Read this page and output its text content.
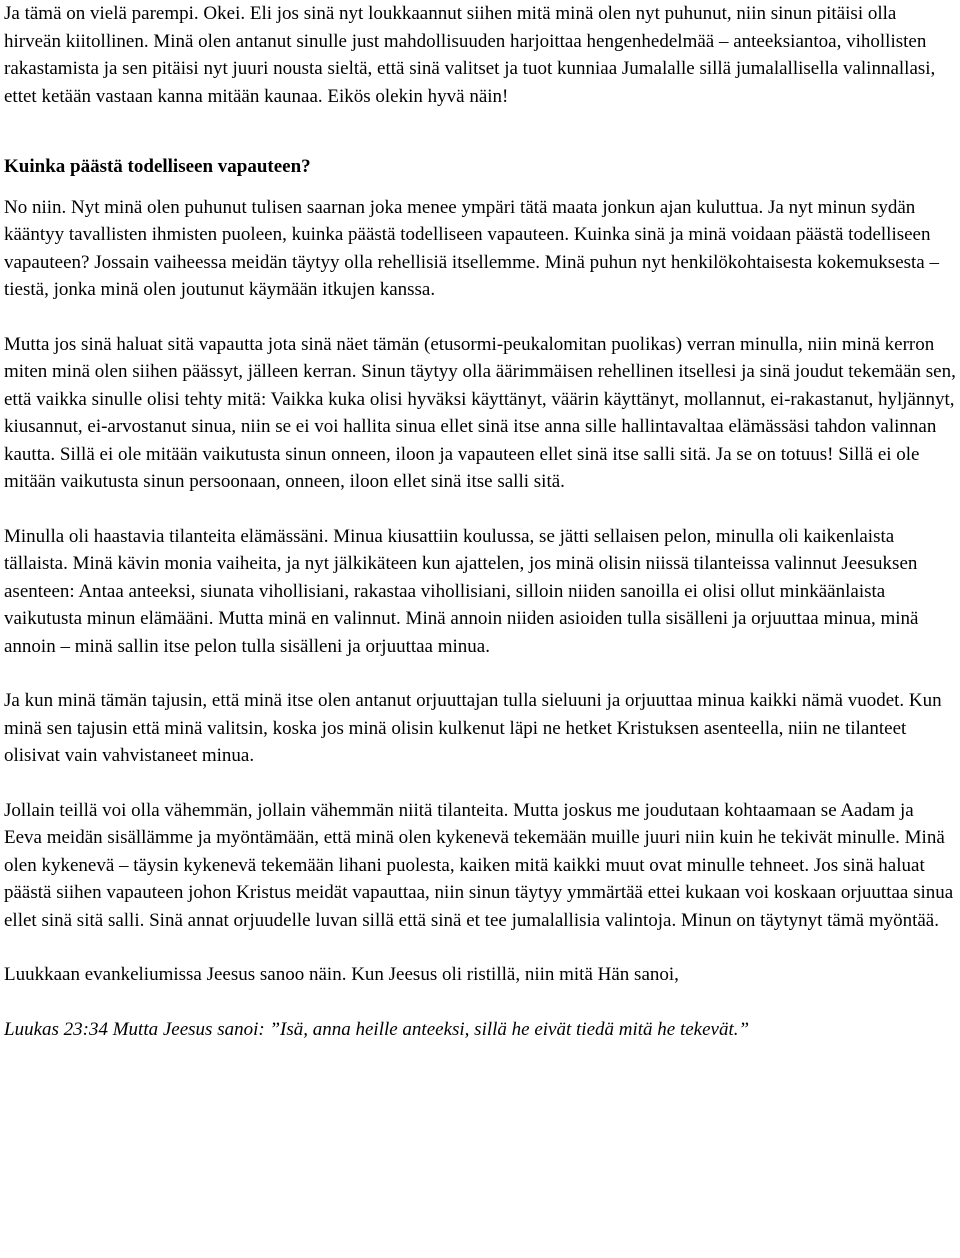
Ja tämä on vielä parempi. Okei. Eli jos sinä nyt loukkaannut siihen mitä minä olen nyt puhunut, niin sinun pitäisi olla hirveän kiitollinen. Minä olen antanut sinulle just mahdollisuuden harjoittaa hengenhedelmää – anteeksiantoa, vihollisten rakastamista ja sen pitäisi nyt juuri nousta sieltä, että sinä valitset ja tuot kunniaa Jumalalle sillä jumalallisella valinnallasi, ettet ketään vastaan kanna mitään kaunaa. Eikös olekin hyvä näin!

Kuinka päästä todelliseen vapauteen?

No niin. Nyt minä olen puhunut tulisen saarnan joka menee ympäri tätä maata jonkun ajan kuluttua. Ja nyt minun sydän kääntyy tavallisten ihmisten puoleen, kuinka päästä todelliseen vapauteen. Kuinka sinä ja minä voidaan päästä todelliseen vapauteen? Jossain vaiheessa meidän täytyy olla rehellisiä itsellemme. Minä puhun nyt henkilökohtaisesta kokemuksesta – tiestä, jonka minä olen joutunut käymään itkujen kanssa.

Mutta jos sinä haluat sitä vapautta jota sinä näet tämän (etusormi-peukalomitan puolikas) verran minulla, niin minä kerron miten minä olen siihen päässyt, jälleen kerran. Sinun täytyy olla äärimmäisen rehellinen itsellesi ja sinä joudut tekemään sen, että vaikka sinulle olisi tehty mitä: Vaikka kuka olisi hyväksi käyttänyt, väärin käyttänyt, mollannut, ei-rakastanut, hyljännyt, kiusannut, ei-arvostanut sinua, niin se ei voi hallita sinua ellet sinä itse anna sille hallintavaltaa elämässäsi tahdon valinnan kautta. Sillä ei ole mitään vaikutusta sinun onneen, iloon ja vapauteen ellet sinä itse salli sitä. Ja se on totuus! Sillä ei ole mitään vaikutusta sinun persoonaan, onneen, iloon ellet sinä itse salli sitä.

Minulla oli haastavia tilanteita elämässäni. Minua kiusattiin koulussa, se jätti sellaisen pelon, minulla oli kaikenlaista tällaista. Minä kävin monia vaiheita, ja nyt jälkikäteen kun ajattelen, jos minä olisin niissä tilanteissa valinnut Jeesuksen asenteen: Antaa anteeksi, siunata vihollisiani, rakastaa vihollisiani, silloin niiden sanoilla ei olisi ollut minkäänlaista vaikutusta minun elämääni. Mutta minä en valinnut. Minä annoin niiden asioiden tulla sisälleni ja orjuuttaa minua, minä annoin – minä sallin itse pelon tulla sisälleni ja orjuuttaa minua.

Ja kun minä tämän tajusin, että minä itse olen antanut orjuuttajan tulla sieluuni ja orjuuttaa minua kaikki nämä vuodet. Kun minä sen tajusin että minä valitsin, koska jos minä olisin kulkenut läpi ne hetket Kristuksen asenteella, niin ne tilanteet olisivat vain vahvistaneet minua.

Jollain teillä voi olla vähemmän, jollain vähemmän niitä tilanteita. Mutta joskus me joudutaan kohtaamaan se Aadam ja Eeva meidän sisällämme ja myöntämään, että minä olen kykenevä tekemään muille juuri niin kuin he tekivät minulle. Minä olen kykenevä – täysin kykenevä tekemään lihani puolesta, kaiken mitä kaikki muut ovat minulle tehneet. Jos sinä haluat päästä siihen vapauteen johon Kristus meidät vapauttaa, niin sinun täytyy ymmärtää ettei kukaan voi koskaan orjuuttaa sinua ellet sinä sitä salli. Sinä annat orjuudelle luvan sillä että sinä et tee jumalallisia valintoja. Minun on täytynyt tämä myöntää.

Luukkaan evankeliumissa Jeesus sanoo näin. Kun Jeesus oli ristillä, niin mitä Hän sanoi,

Luukas 23:34 Mutta Jeesus sanoi: ”Isä, anna heille anteeksi, sillä he eivät tiedä mitä he tekevät.”
